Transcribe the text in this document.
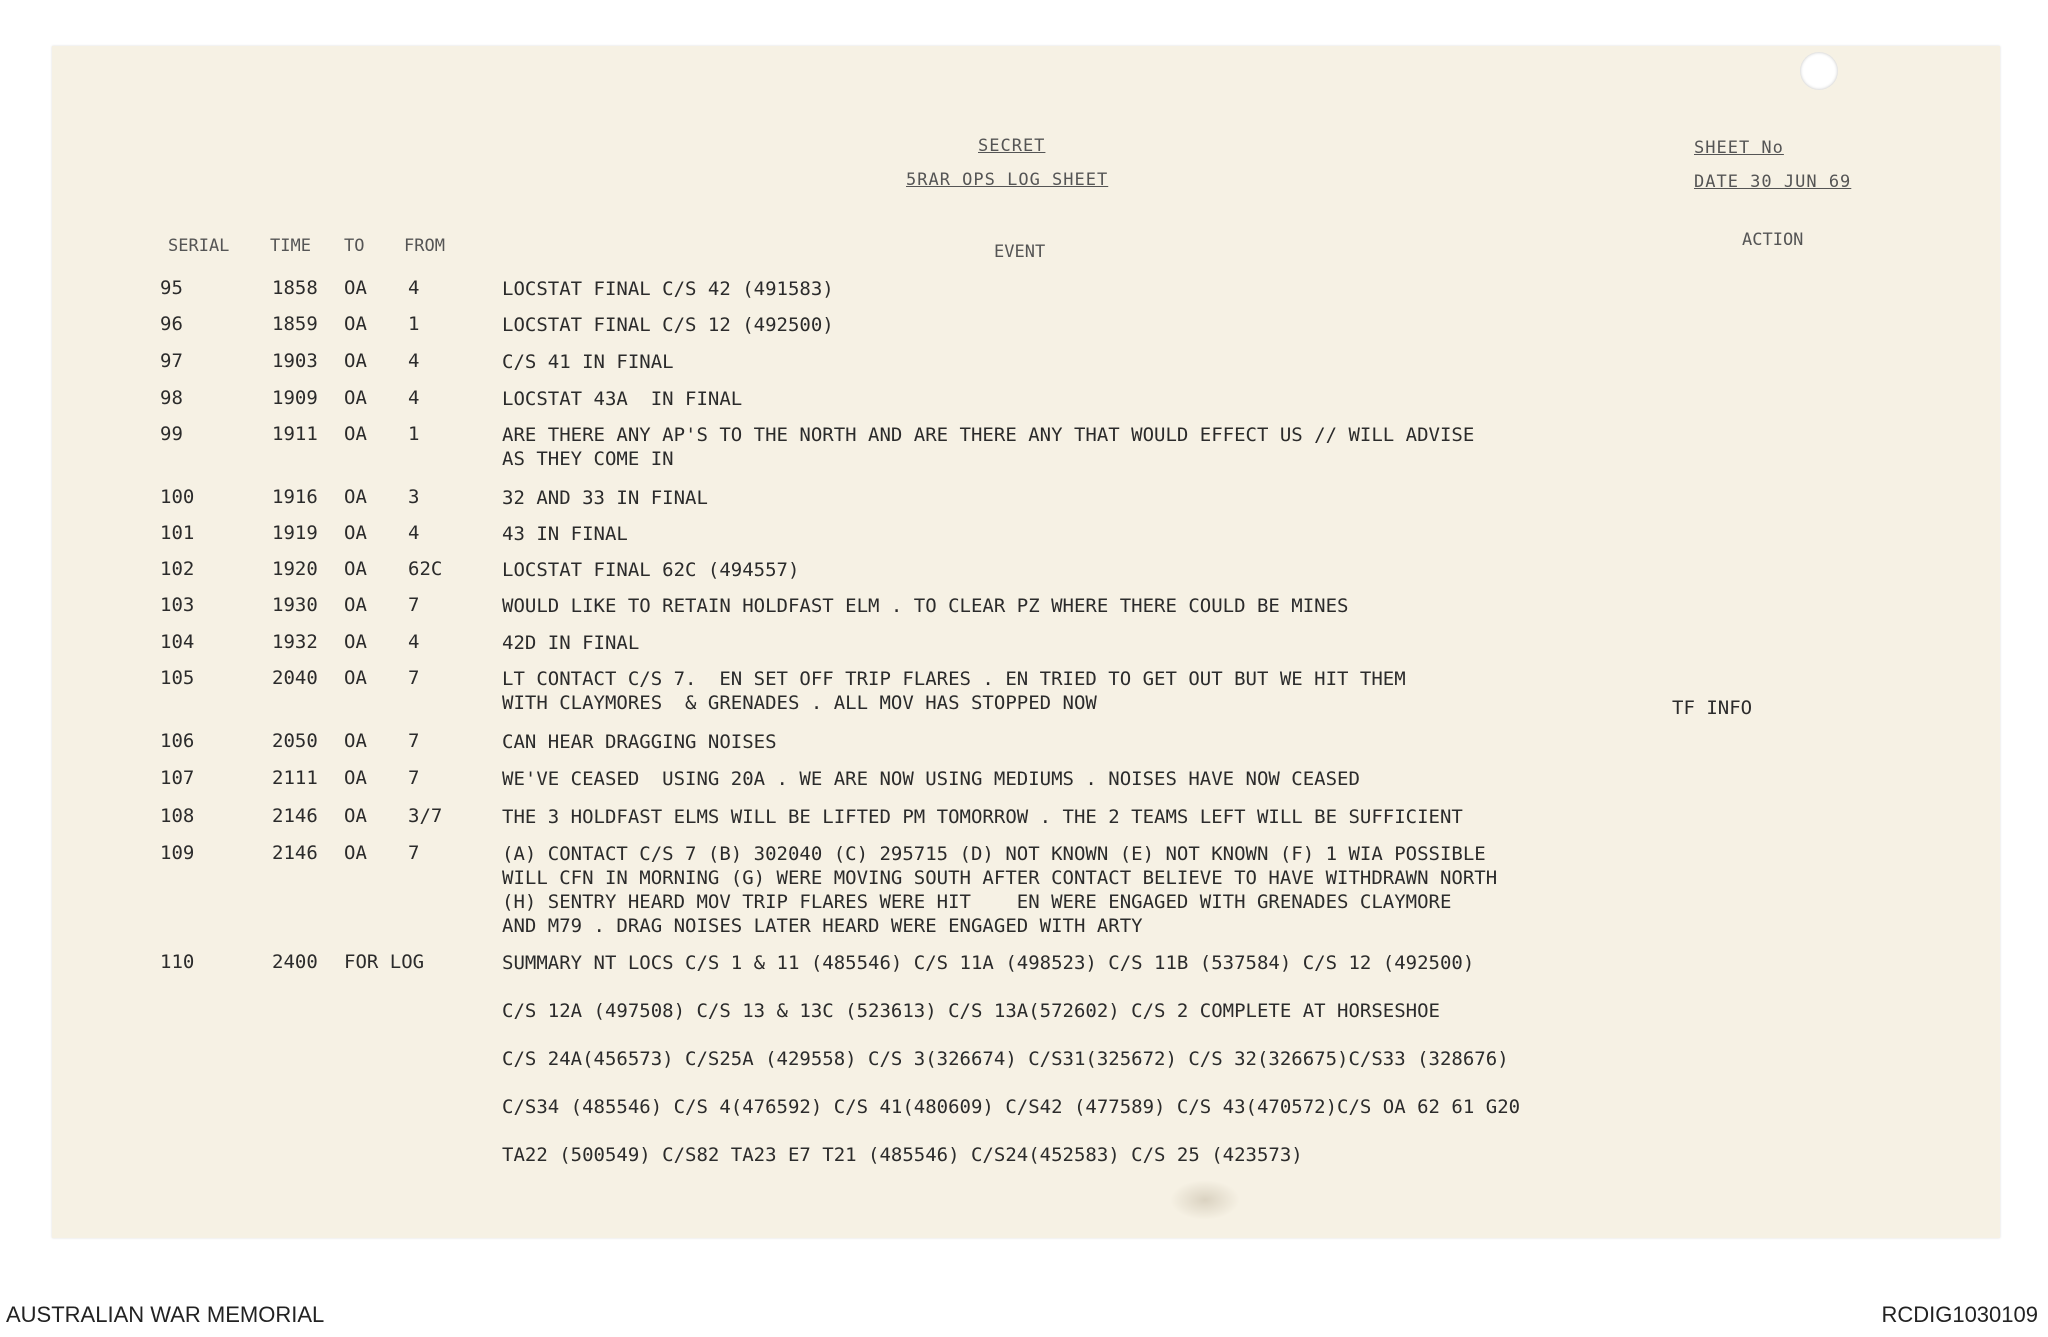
SECRET
5RAR OPS LOG SHEET
SHEET No
DATE 30 JUN 69
SERIAL TIME TO FROM	EVENT
ACTION
95	1858 OA 4	LOCSTAT FINAL C/S 42 (491583)
96	1859 OA 1	LOCSTAT FINAL C/S 12 (492500)
97	1903 OA 4	C/S 41 IN FINAL
98	1909 OA 4	LOCSTAT 43A  IN FINAL
99	1911 OA 1	ARE THERE ANY AP'S TO THE NORTH AND ARE THERE ANY THAT WOULD EFFECT US // WILL ADVISE
AS THEY COME IN
100	1916 OA 3	32 AND 33 IN FINAL
101	1919 OA 4	43 IN FINAL
102	1920 OA 62C	LOCSTAT FINAL 62C (494557)
103	1930 OA 7	WOULD LIKE TO RETAIN HOLDFAST ELM . TO CLEAR PZ WHERE THERE COULD BE MINES
104	1932 OA 4	42D IN FINAL
105	2040 OA 7	LT CONTACT C/S 7.  EN SET OFF TRIP FLARES . EN TRIED TO GET OUT BUT WE HIT THEM
WITH CLAYMORES  & GRENADES . ALL MOV HAS STOPPED NOW	TF INFO
106	2050 OA 7	CAN HEAR DRAGGING NOISES
107	2111 OA 7	WE'VE CEASED  USING 20A . WE ARE NOW USING MEDIUMS . NOISES HAVE NOW CEASED
108	2146 OA 3/7	THE 3 HOLDFAST ELMS WILL BE LIFTED PM TOMORROW . THE 2 TEAMS LEFT WILL BE SUFFICIENT
109	2146 OA 7	(A) CONTACT C/S 7 (B) 302040 (C) 295715 (D) NOT KNOWN (E) NOT KNOWN (F) 1 WIA POSSIBLE
WILL CFN IN MORNING (G) WERE MOVING SOUTH AFTER CONTACT BELIEVE TO HAVE WITHDRAWN NORTH
(H) SENTRY HEARD MOV TRIP FLARES WERE HIT    EN WERE ENGAGED WITH GRENADES CLAYMORE
AND M79 . DRAG NOISES LATER HEARD WERE ENGAGED WITH ARTY
110	2400 FOR LOG	SUMMARY NT LOCS C/S 1 & 11 (485546) C/S 11A (498523) C/S 11B (537584) C/S 12 (492500)

C/S 12A (497508) C/S 13 & 13C (523613) C/S 13A(572602) C/S 2 COMPLETE AT HORSESHOE

C/S 24A(456573) C/S25A (429558) C/S 3(326674) C/S31(325672) C/S 32(326675)C/S33 (328676)

C/S34 (485546) C/S 4(476592) C/S 41(480609) C/S42 (477589) C/S 43(470572)C/S OA 62 61 G20

TA22 (500549) C/S82 TA23 E7 T21 (485546) C/S24(452583) C/S 25 (423573)
AUSTRALIAN WAR MEMORIAL	RCDIG1030109
